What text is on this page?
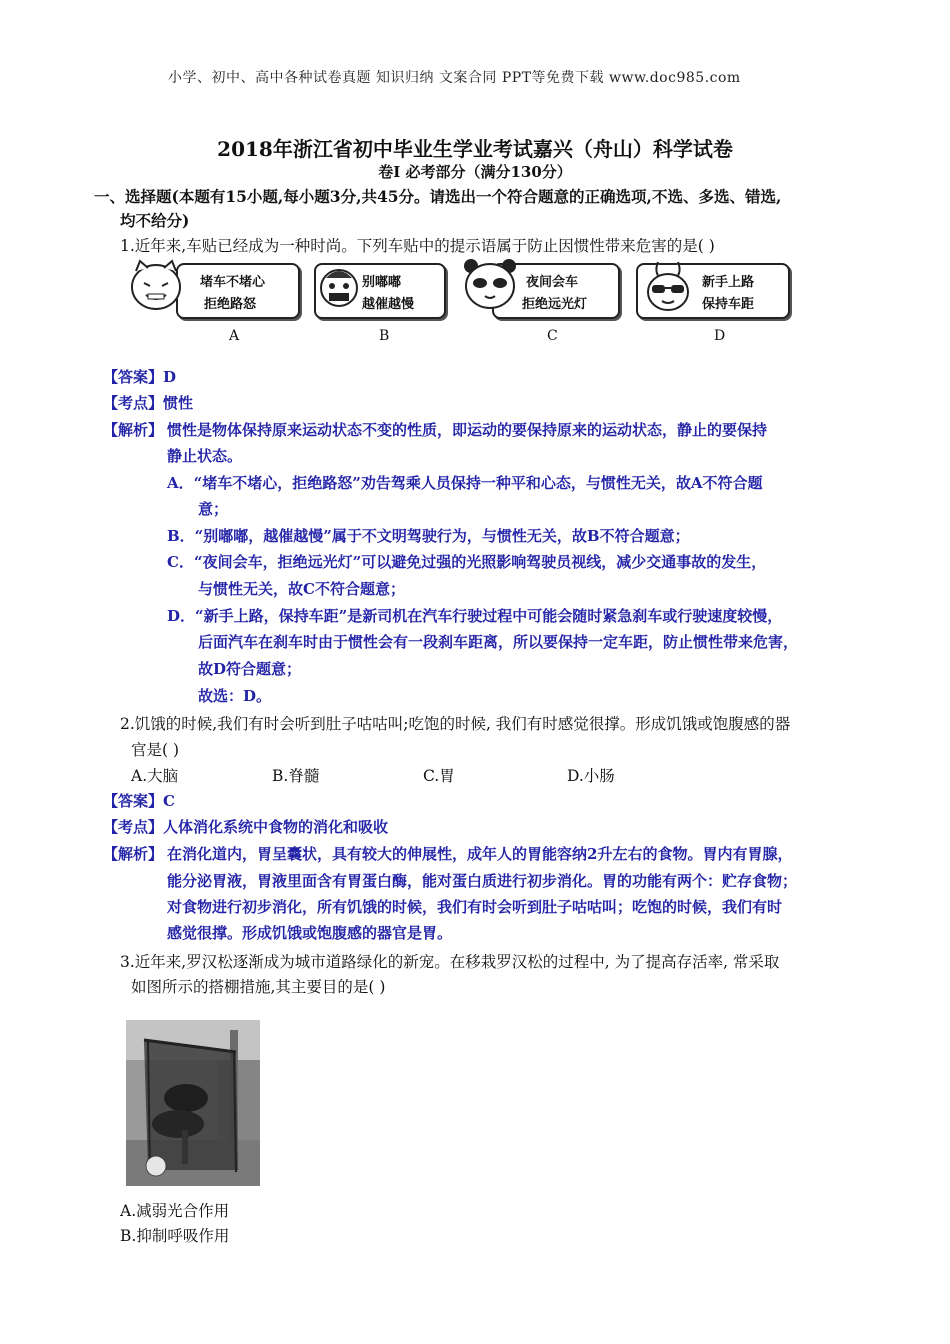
小学、初中、高中各种试卷真题 知识归纳 文案合同 PPT等免费下载 www.doc985.com
2018年浙江省初中毕业生学业考试嘉兴（舟山）科学试卷
卷Ⅰ 必考部分（满分130分）
一、选择题(本题有15小题,每小题3分,共45分。请选出一个符合题意的正确选项,不选、多选、错选,
均不给分)
1.近年来,车贴已经成为一种时尚。下列车贴中的提示语属于防止因惯性带来危害的是( )
堵车不堵心
拒绝路怒
别嘟嘟
越催越慢
夜间会车
拒绝远光灯
新手上路
保持车距
A	B	C	D
【答案】D
【考点】惯性
【解析】 惯性是物体保持原来运动状态不变的性质，即运动的要保持原来的运动状态，静止的要保持
静止状态。
A．“堵车不堵心，拒绝路怒”劝告驾乘人员保持一种平和心态，与惯性无关，故A不符合题
意；
B．“别嘟嘟，越催越慢”属于不文明驾驶行为，与惯性无关，故B不符合题意；
C．“夜间会车，拒绝远光灯”可以避免过强的光照影响驾驶员视线，减少交通事故的发生，
与惯性无关，故C不符合题意；
D．“新手上路，保持车距”是新司机在汽车行驶过程中可能会随时紧急刹车或行驶速度较慢，
后面汽车在刹车时由于惯性会有一段刹车距离，所以要保持一定车距，防止惯性带来危害，
故D符合题意；
故选：D。
2.饥饿的时候,我们有时会听到肚子咕咕叫;吃饱的时候, 我们有时感觉很撑。形成饥饿或饱腹感的器
官是( )
A.大脑	B.脊髓	C.胃	D.小肠
【答案】C
【考点】人体消化系统中食物的消化和吸收
【解析】 在消化道内，胃呈囊状，具有较大的伸展性，成年人的胃能容纳2升左右的食物。胃内有胃腺，
能分泌胃液，胃液里面含有胃蛋白酶，能对蛋白质进行初步消化。胃的功能有两个：贮存食物；
对食物进行初步消化，所有饥饿的时候，我们有时会听到肚子咕咕叫；吃饱的时候，我们有时
感觉很撑。形成饥饿或饱腹感的器官是胃。
3.近年来,罗汉松逐渐成为城市道路绿化的新宠。在移栽罗汉松的过程中, 为了提高存活率, 常采取
如图所示的搭棚措施,其主要目的是( )
A.减弱光合作用
B.抑制呼吸作用
